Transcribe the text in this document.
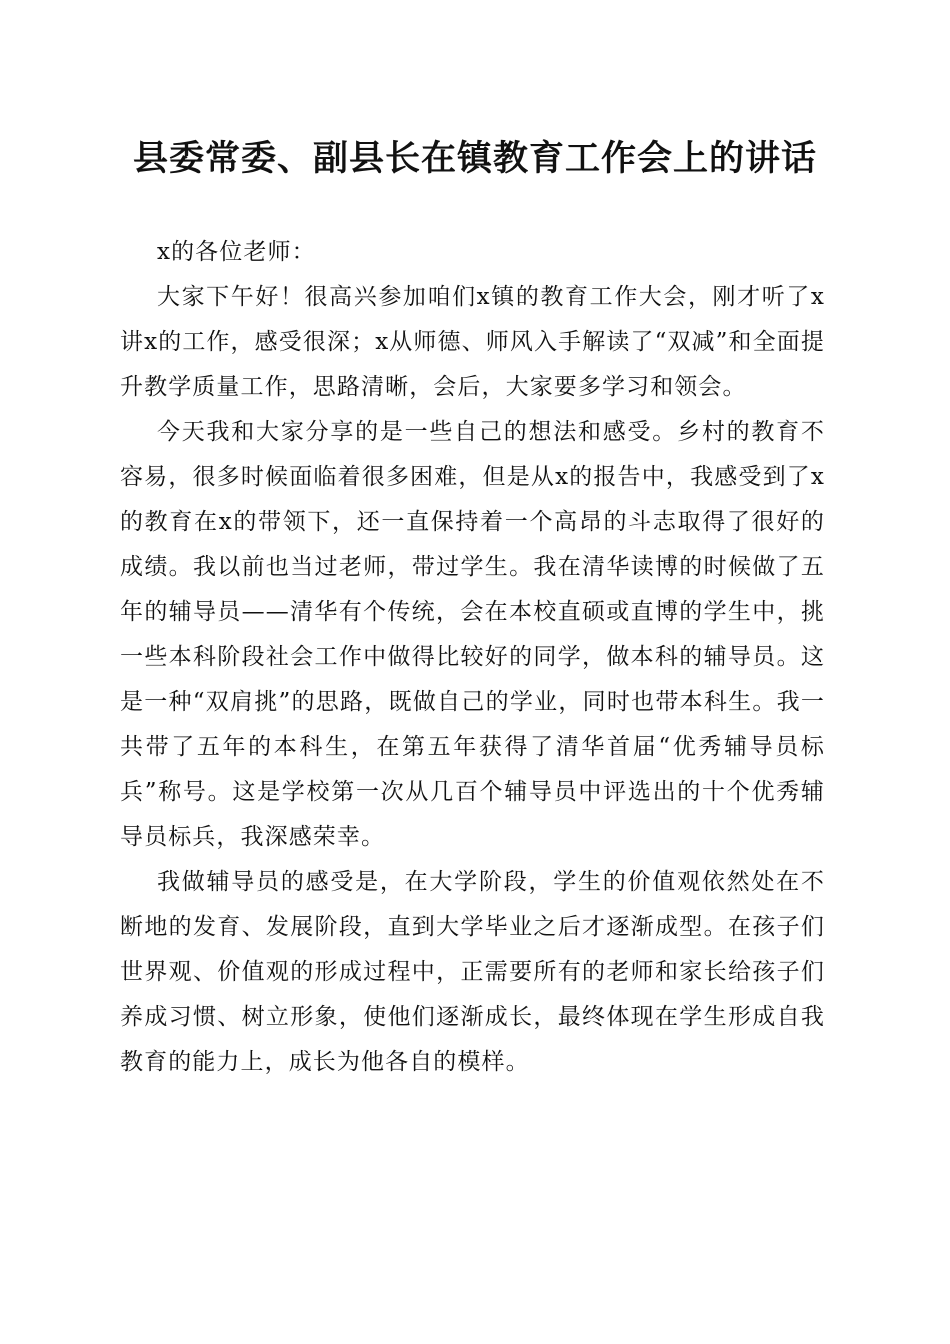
县委常委、副县长在镇教育工作会上的讲话

x的各位老师：

大家下午好！很高兴参加咱们x镇的教育工作大会，刚才听了x讲x的工作，感受很深；x从师德、师风入手解读了“双减”和全面提升教学质量工作，思路清晰，会后，大家要多学习和领会。

今天我和大家分享的是一些自己的想法和感受。乡村的教育不容易，很多时候面临着很多困难，但是从x的报告中，我感受到了x的教育在x的带领下，还一直保持着一个高昂的斗志取得了很好的成绩。我以前也当过老师，带过学生。我在清华读博的时候做了五年的辅导员——清华有个传统，会在本校直硕或直博的学生中，挑一些本科阶段社会工作中做得比较好的同学，做本科的辅导员。这是一种“双肩挑”的思路，既做自己的学业，同时也带本科生。我一共带了五年的本科生，在第五年获得了清华首届“优秀辅导员标兵”称号。这是学校第一次从几百个辅导员中评选出的十个优秀辅导员标兵，我深感荣幸。

我做辅导员的感受是，在大学阶段，学生的价值观依然处在不断地的发育、发展阶段，直到大学毕业之后才逐渐成型。在孩子们世界观、价值观的形成过程中，正需要所有的老师和家长给孩子们养成习惯、树立形象，使他们逐渐成长，最终体现在学生形成自我教育的能力上，成长为他各自的模样。
